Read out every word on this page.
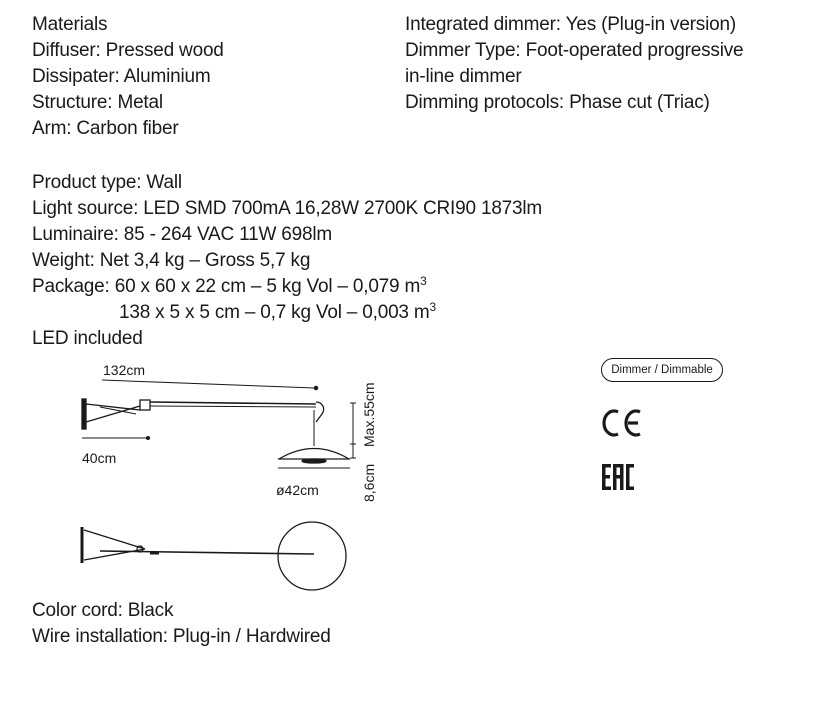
Materials
Diffuser: Pressed wood
Dissipater: Aluminium
Structure: Metal
Arm: Carbon fiber
Integrated dimmer: Yes (Plug-in version)
Dimmer Type: Foot-operated progressive
in-line dimmer
Dimming protocols: Phase cut (Triac)
Product type: Wall
Light source: LED SMD 700mA 16,28W 2700K CRI90 1873lm
Luminaire: 85 - 264 VAC 11W 698lm
Weight: Net 3,4 kg – Gross 5,7 kg
Package: 60 x 60 x 22 cm – 5 kg Vol – 0,079 $m^3$
138 x 5 x 5 cm – 0,7 kg Vol – 0,003 $m^3$
LED included
132cm
40cm
ø42cm
Max.55cm
8,6cm
Dimmer / Dimmable
Color cord: Black
Wire installation: Plug-in / Hardwired
